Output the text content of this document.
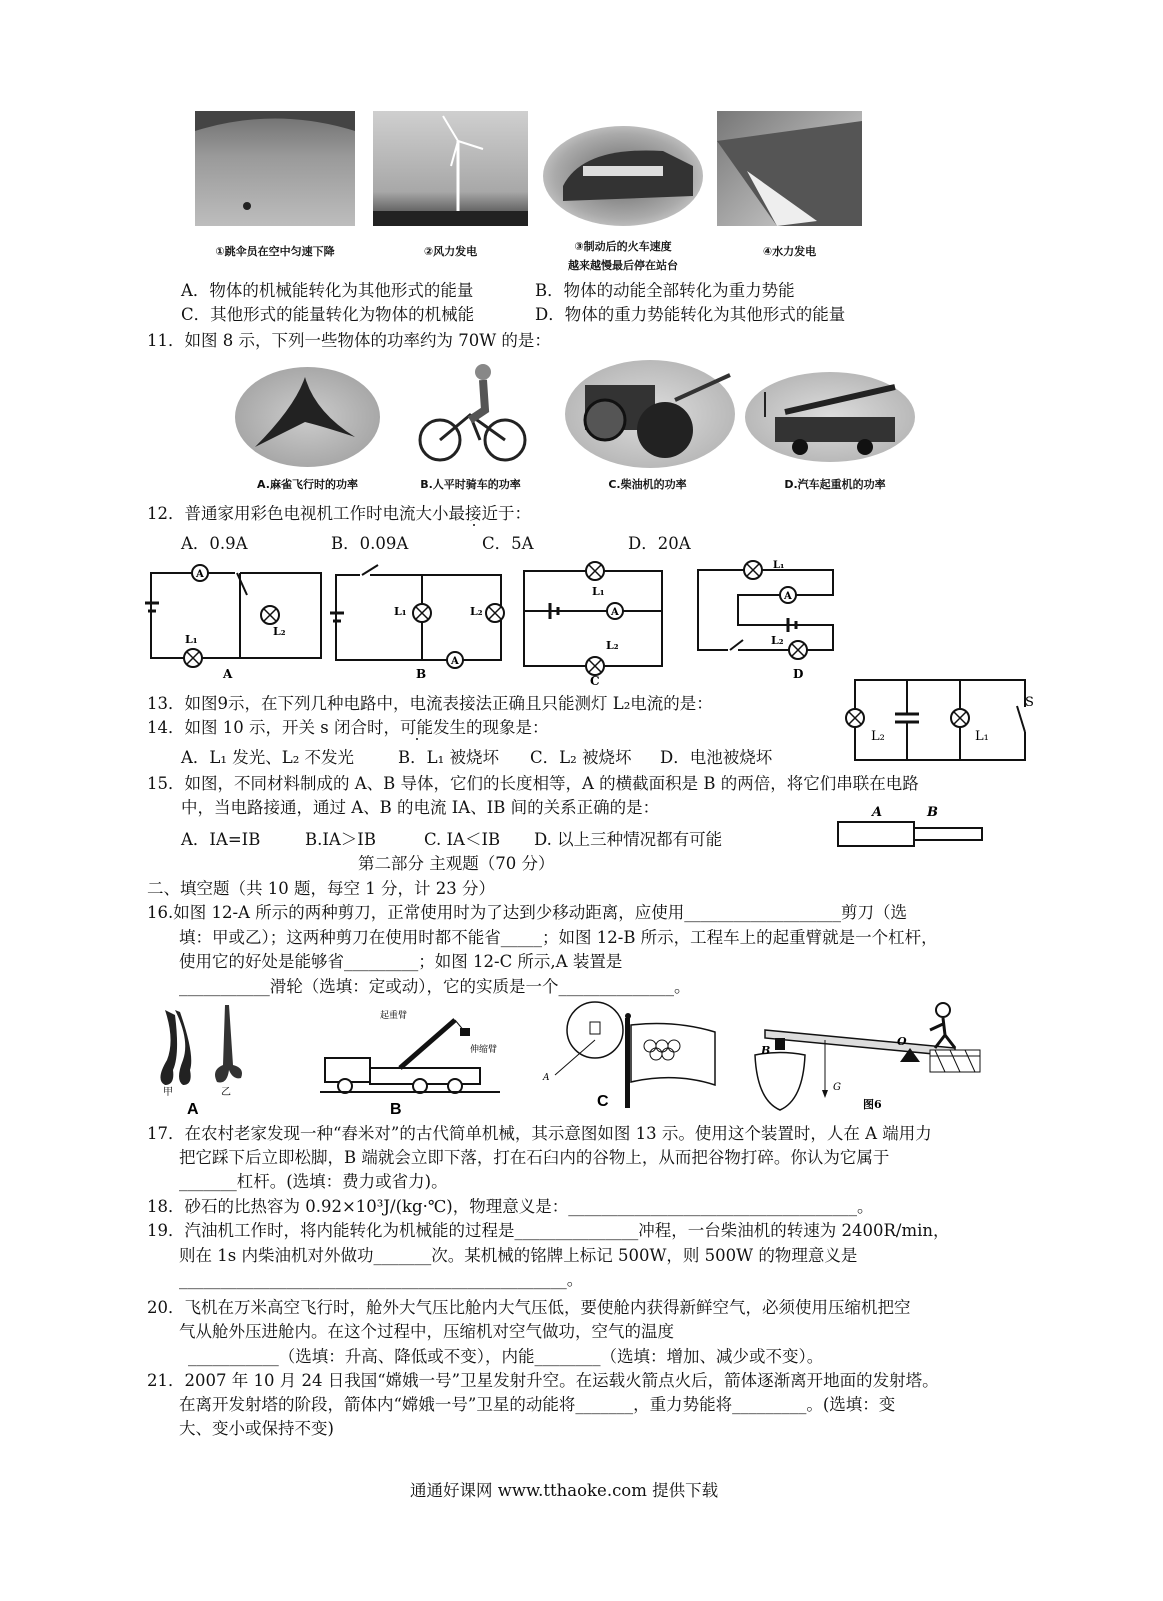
①跳伞员在空中匀速下降	②风力发电	③制动后的火车速度
越来越慢最后停在站台
④水力发电
A．物体的机械能转化为其他形式的能量	B．物体的动能全部转化为重力势能
C．其他形式的能量转化为物体的机械能	D．物体的重力势能转化为其他形式的能量
11．如图 8 示，下列一些物体的功率约为 70W 的是：
A.麻雀飞行时的功率	B.人平时骑车的功率	C.柴油机的功率	D.汽车起重机的功率
12．普通家用彩色电视机工作时电流大小最接近于：
A．0.9A	B．0.09A	C．5A	D．20A
A
L₁
L₂
A
A
L₁	L₂
B
A
L₁
L₂
C
A
L₁
L₂
D
13．如图9示，在下列几种电路中，电流表接法正确且只能测灯 L₂电流的是：
14．如图 10 示，开关 s 闭合时，可能发生的现象是：
A．L₁ 发光、L₂ 不发光	B．L₁ 被烧坏 C．L₂ 被烧坏 D．电池被烧坏
L₂	L₁
S
15．如图，不同材料制成的 A、B 导体，它们的长度相等，A 的横截面积是 B 的两倍，将它们串联在电路
中，当电路接通，通过 A、B 的电流 IA、IB 间的关系正确的是：
A．IA=IB	B.IA＞IB	C. IA＜IB D. 以上三种情况都有可能
A	B
第二部分 主观题（70 分）
二、填空题（共 10 题，每空 1 分，计 23 分）
16.如图 12-A 所示的两种剪刀，正常使用时为了达到少移动距离，应使用___________________剪刀（选
填：甲或乙）；这两种剪刀在使用时都不能省_____；如图 12-B 所示，工程车上的起重臂就是一个杠杆，
使用它的好处是能够省_________；如图 12-C 所示,A 装置是
___________滑轮（选填：定或动），它的实质是一个______________。
甲	乙
A
起重臂
伸缩臂
B
A
C
O
B
G
图6
17．在农村老家发现一种“舂米对”的古代简单机械，其示意图如图 13 示。使用这个装置时，人在 A 端用力
把它踩下后立即松脚，B 端就会立即下落，打在石臼内的谷物上，从而把谷物打碎。你认为它属于
_______杠杆。(选填：费力或省力)。
18．砂石的比热容为 0.92×10³J/(kg·℃)，物理意义是：___________________________________。
19．汽油机工作时，将内能转化为机械能的过程是_______________冲程，一台柴油机的转速为 2400R/min，
则在 1s 内柴油机对外做功_______次。某机械的铭牌上标记 500W，则 500W 的物理意义是
_______________________________________________。
20．飞机在万米高空飞行时，舱外大气压比舱内大气压低，要使舱内获得新鲜空气，必须使用压缩机把空
气从舱外压进舱内。在这个过程中，压缩机对空气做功，空气的温度
___________（选填：升高、降低或不变），内能________（选填：增加、减少或不变）。
21．2007 年 10 月 24 日我国“嫦娥一号”卫星发射升空。在运载火箭点火后，箭体逐渐离开地面的发射塔。
在离开发射塔的阶段，箭体内“嫦娥一号”卫星的动能将_______，重力势能将_________。(选填：变
大、变小或保持不变)
通通好课网 www.tthaoke.com 提供下载
